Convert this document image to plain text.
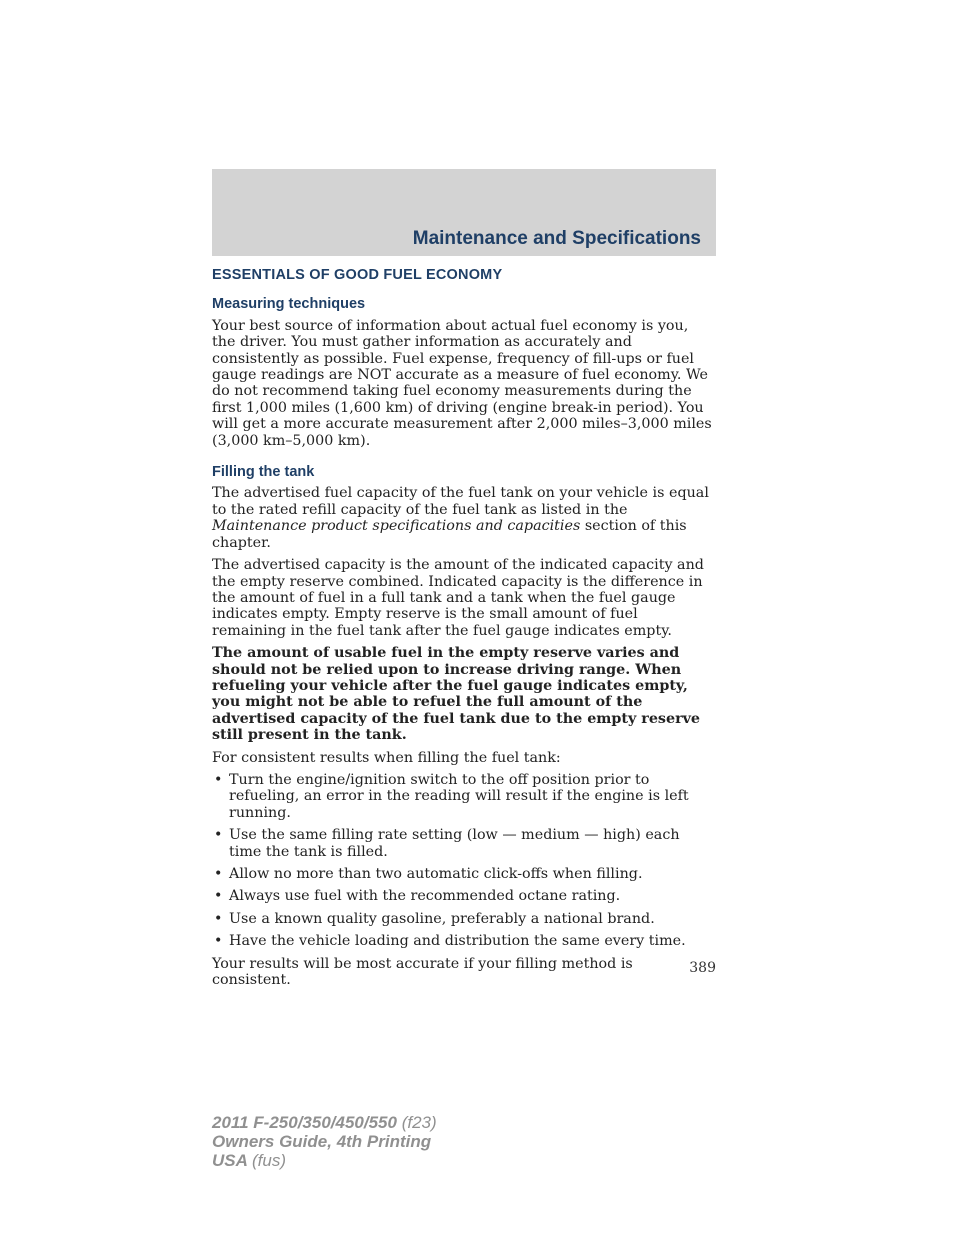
Maintenance and Specifications
ESSENTIALS OF GOOD FUEL ECONOMY
Measuring techniques

Your best source of information about actual fuel economy is you, the driver. You must gather information as accurately and consistently as possible. Fuel expense, frequency of fill-ups or fuel gauge readings are NOT accurate as a measure of fuel economy. We do not recommend taking fuel economy measurements during the first 1,000 miles (1,600 km) of driving (engine break-in period). You will get a more accurate measurement after 2,000 miles–3,000 miles (3,000 km–5,000 km).

Filling the tank

The advertised fuel capacity of the fuel tank on your vehicle is equal to the rated refill capacity of the fuel tank as listed in the Maintenance product specifications and capacities section of this chapter.

The advertised capacity is the amount of the indicated capacity and the empty reserve combined. Indicated capacity is the difference in the amount of fuel in a full tank and a tank when the fuel gauge indicates empty. Empty reserve is the small amount of fuel remaining in the fuel tank after the fuel gauge indicates empty.

The amount of usable fuel in the empty reserve varies and should not be relied upon to increase driving range. When refueling your vehicle after the fuel gauge indicates empty, you might not be able to refuel the full amount of the advertised capacity of the fuel tank due to the empty reserve still present in the tank.

For consistent results when filling the fuel tank:

• Turn the engine/ignition switch to the off position prior to refueling, an error in the reading will result if the engine is left running.
• Use the same filling rate setting (low — medium — high) each time the tank is filled.
• Allow no more than two automatic click-offs when filling.
• Always use fuel with the recommended octane rating.
• Use a known quality gasoline, preferably a national brand.
• Have the vehicle loading and distribution the same every time.

Your results will be most accurate if your filling method is consistent.

389
2011 F-250/350/450/550 (f23)
Owners Guide, 4th Printing
USA (fus)
